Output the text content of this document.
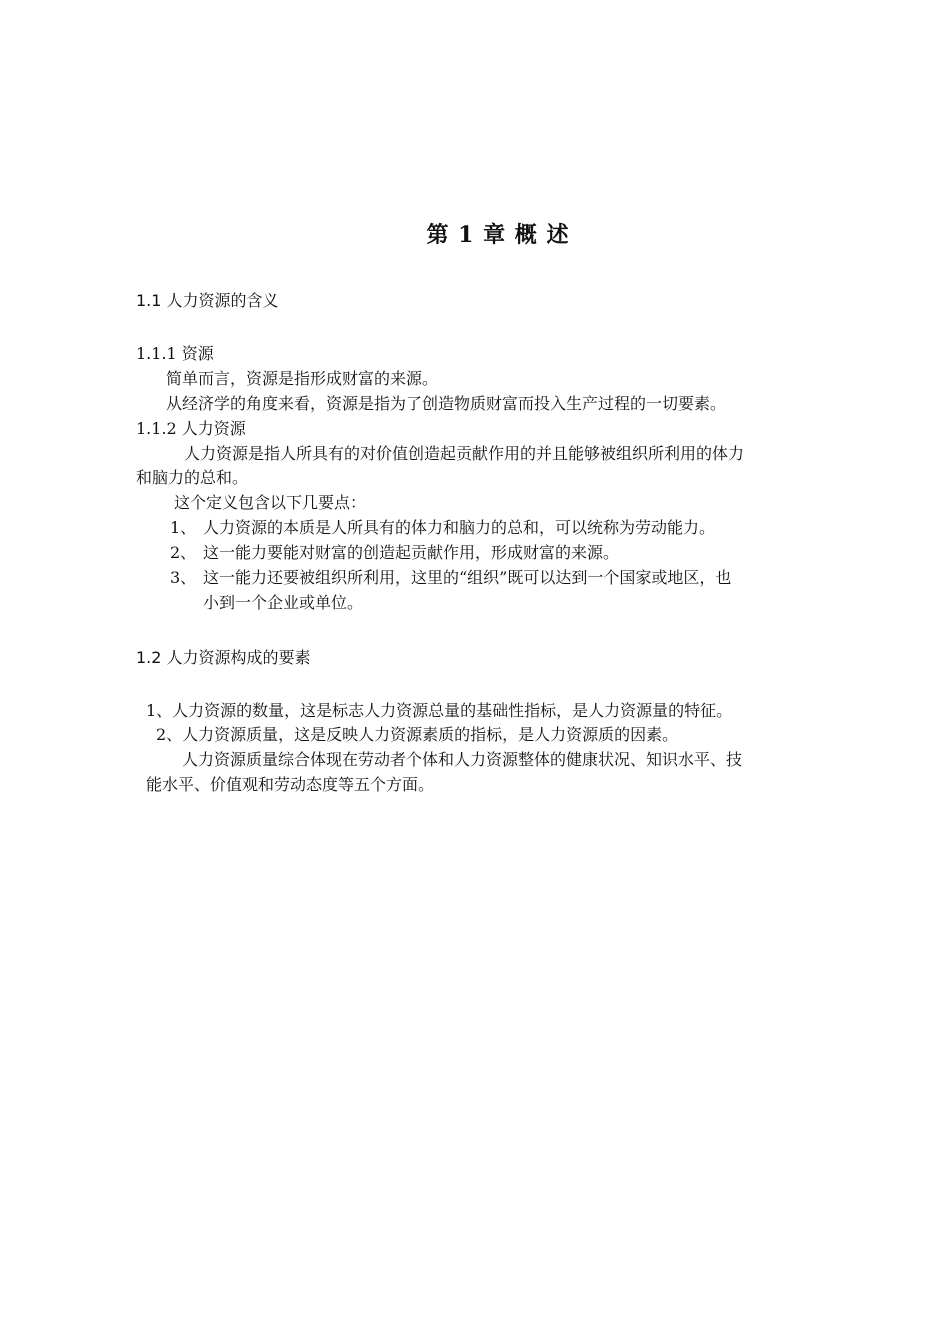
第 1 章 概 述
1.1 人力资源的含义
1.1.1 资源
简单而言，资源是指形成财富的来源。
从经济学的角度来看，资源是指为了创造物质财富而投入生产过程的一切要素。
1.1.2 人力资源
人力资源是指人所具有的对价值创造起贡献作用的并且能够被组织所利用的体力
和脑力的总和。
这个定义包含以下几要点：
1、 人力资源的本质是人所具有的体力和脑力的总和，可以统称为劳动能力。
2、 这一能力要能对财富的创造起贡献作用，形成财富的来源。
3、 这一能力还要被组织所利用，这里的“组织”既可以达到一个国家或地区，也
小到一个企业或单位。
1.2 人力资源构成的要素
1、人力资源的数量，这是标志人力资源总量的基础性指标，是人力资源量的特征。
2、人力资源质量，这是反映人力资源素质的指标，是人力资源质的因素。
人力资源质量综合体现在劳动者个体和人力资源整体的健康状况、知识水平、技
能水平、价值观和劳动态度等五个方面。
